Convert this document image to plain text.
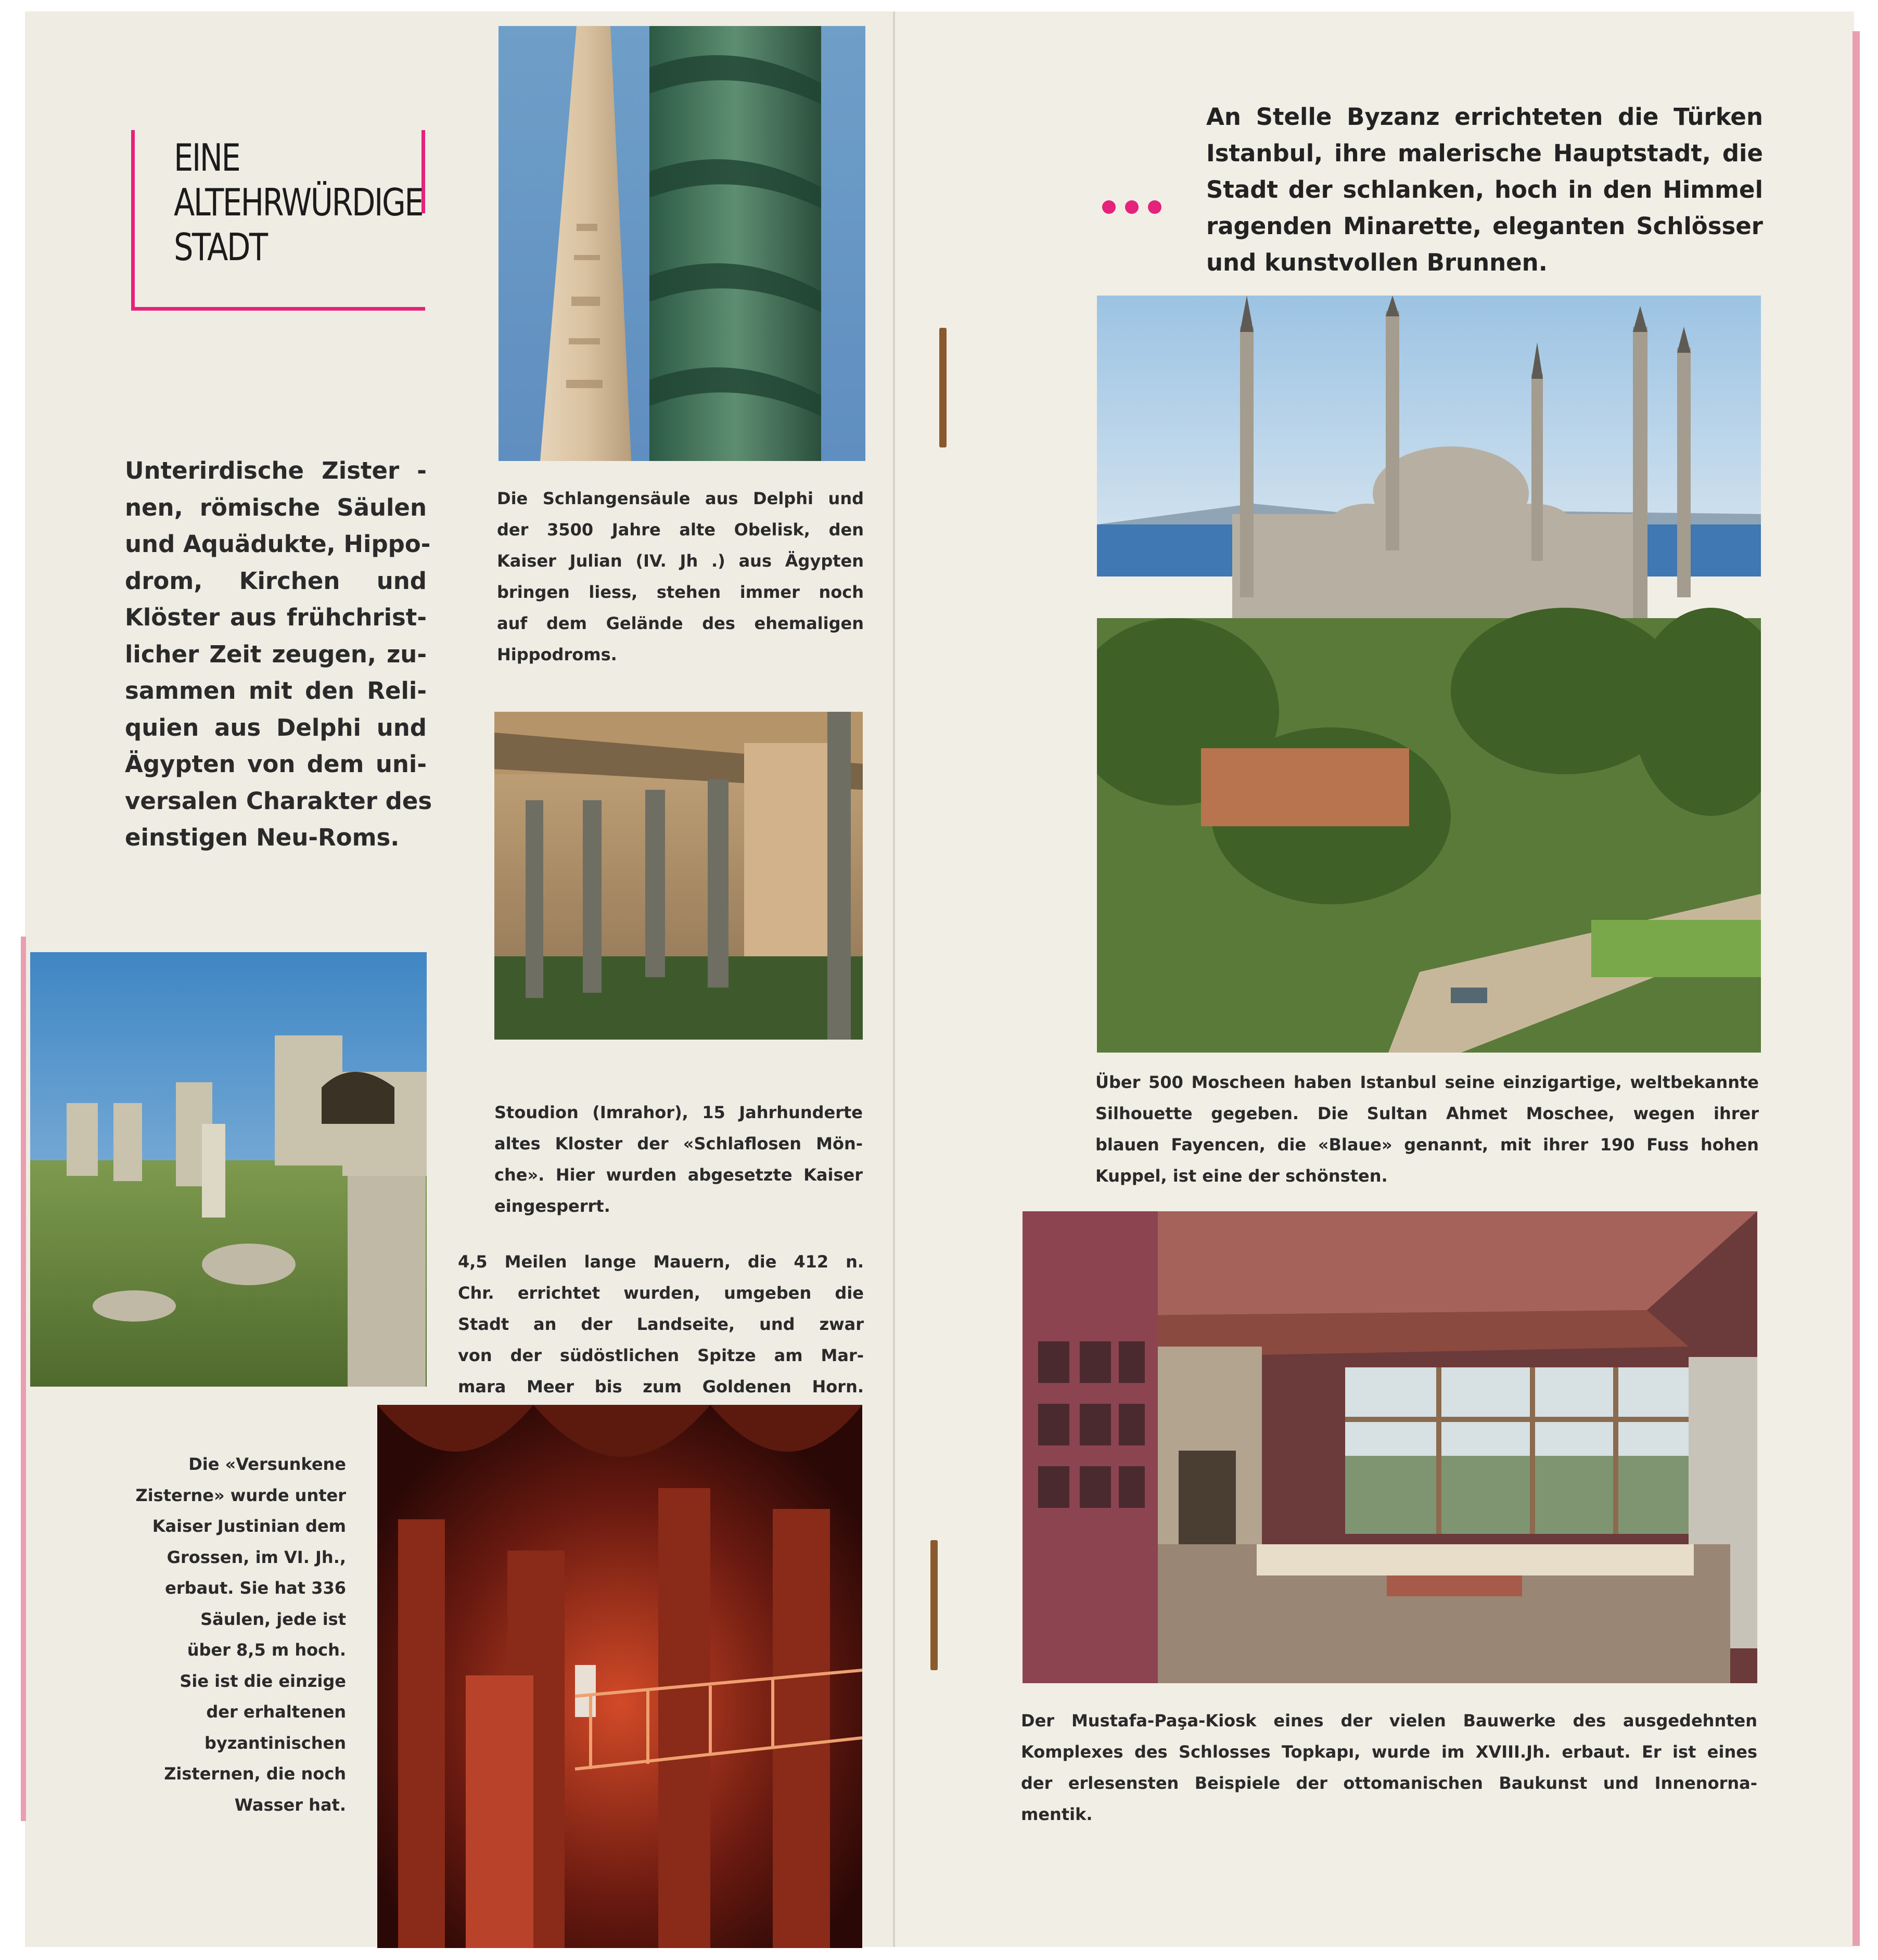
EINE
ALTEHRWÜRDIGE
STADT
Unterirdische Zister -
nen, römische Säulen
und Aquädukte, Hippo-
drom, Kirchen und
Klöster aus frühchrist-
licher Zeit zeugen, zu-
sammen mit den Reli-
quien aus Delphi und
Ägypten von dem uni-
versalen Charakter des
einstigen Neu-Roms.
Die Schlangensäule aus Delphi und
der 3500 Jahre alte Obelisk, den
Kaiser Julian (IV. Jh .) aus Ägypten
bringen liess, stehen immer noch
auf dem Gelände des ehemaligen
Hippodroms.
Stoudion (Imrahor), 15 Jahrhunderte
altes Kloster der «Schlaflosen Mön-
che». Hier wurden abgesetzte Kaiser
eingesperrt.
4,5 Meilen lange Mauern, die 412 n.
Chr. errichtet wurden, umgeben die
Stadt an der Landseite, und zwar
von der südöstlichen Spitze am Mar-
mara Meer bis zum Goldenen Horn.
Die «Versunkene
Zisterne» wurde unter
Kaiser Justinian dem
Grossen, im VI. Jh.,
erbaut. Sie hat 336
Säulen, jede ist
über 8,5 m hoch.
Sie ist die einzige
der erhaltenen
byzantinischen
Zisternen, die noch
Wasser hat.
An Stelle Byzanz errichteten die Türken
Istanbul, ihre malerische Hauptstadt, die
Stadt der schlanken, hoch in den Himmel
ragenden Minarette, eleganten Schlösser
und kunstvollen Brunnen.
Über 500 Moscheen haben Istanbul seine einzigartige, weltbekannte
Silhouette gegeben. Die Sultan Ahmet Moschee, wegen ihrer
blauen Fayencen, die «Blaue» genannt, mit ihrer 190 Fuss hohen
Kuppel, ist eine der schönsten.
Der Mustafa-Paşa-Kiosk eines der vielen Bauwerke des ausgedehnten
Komplexes des Schlosses Topkapı, wurde im XVIII.Jh. erbaut. Er ist eines
der erlesensten Beispiele der ottomanischen Baukunst und Innenorna-
mentik.
